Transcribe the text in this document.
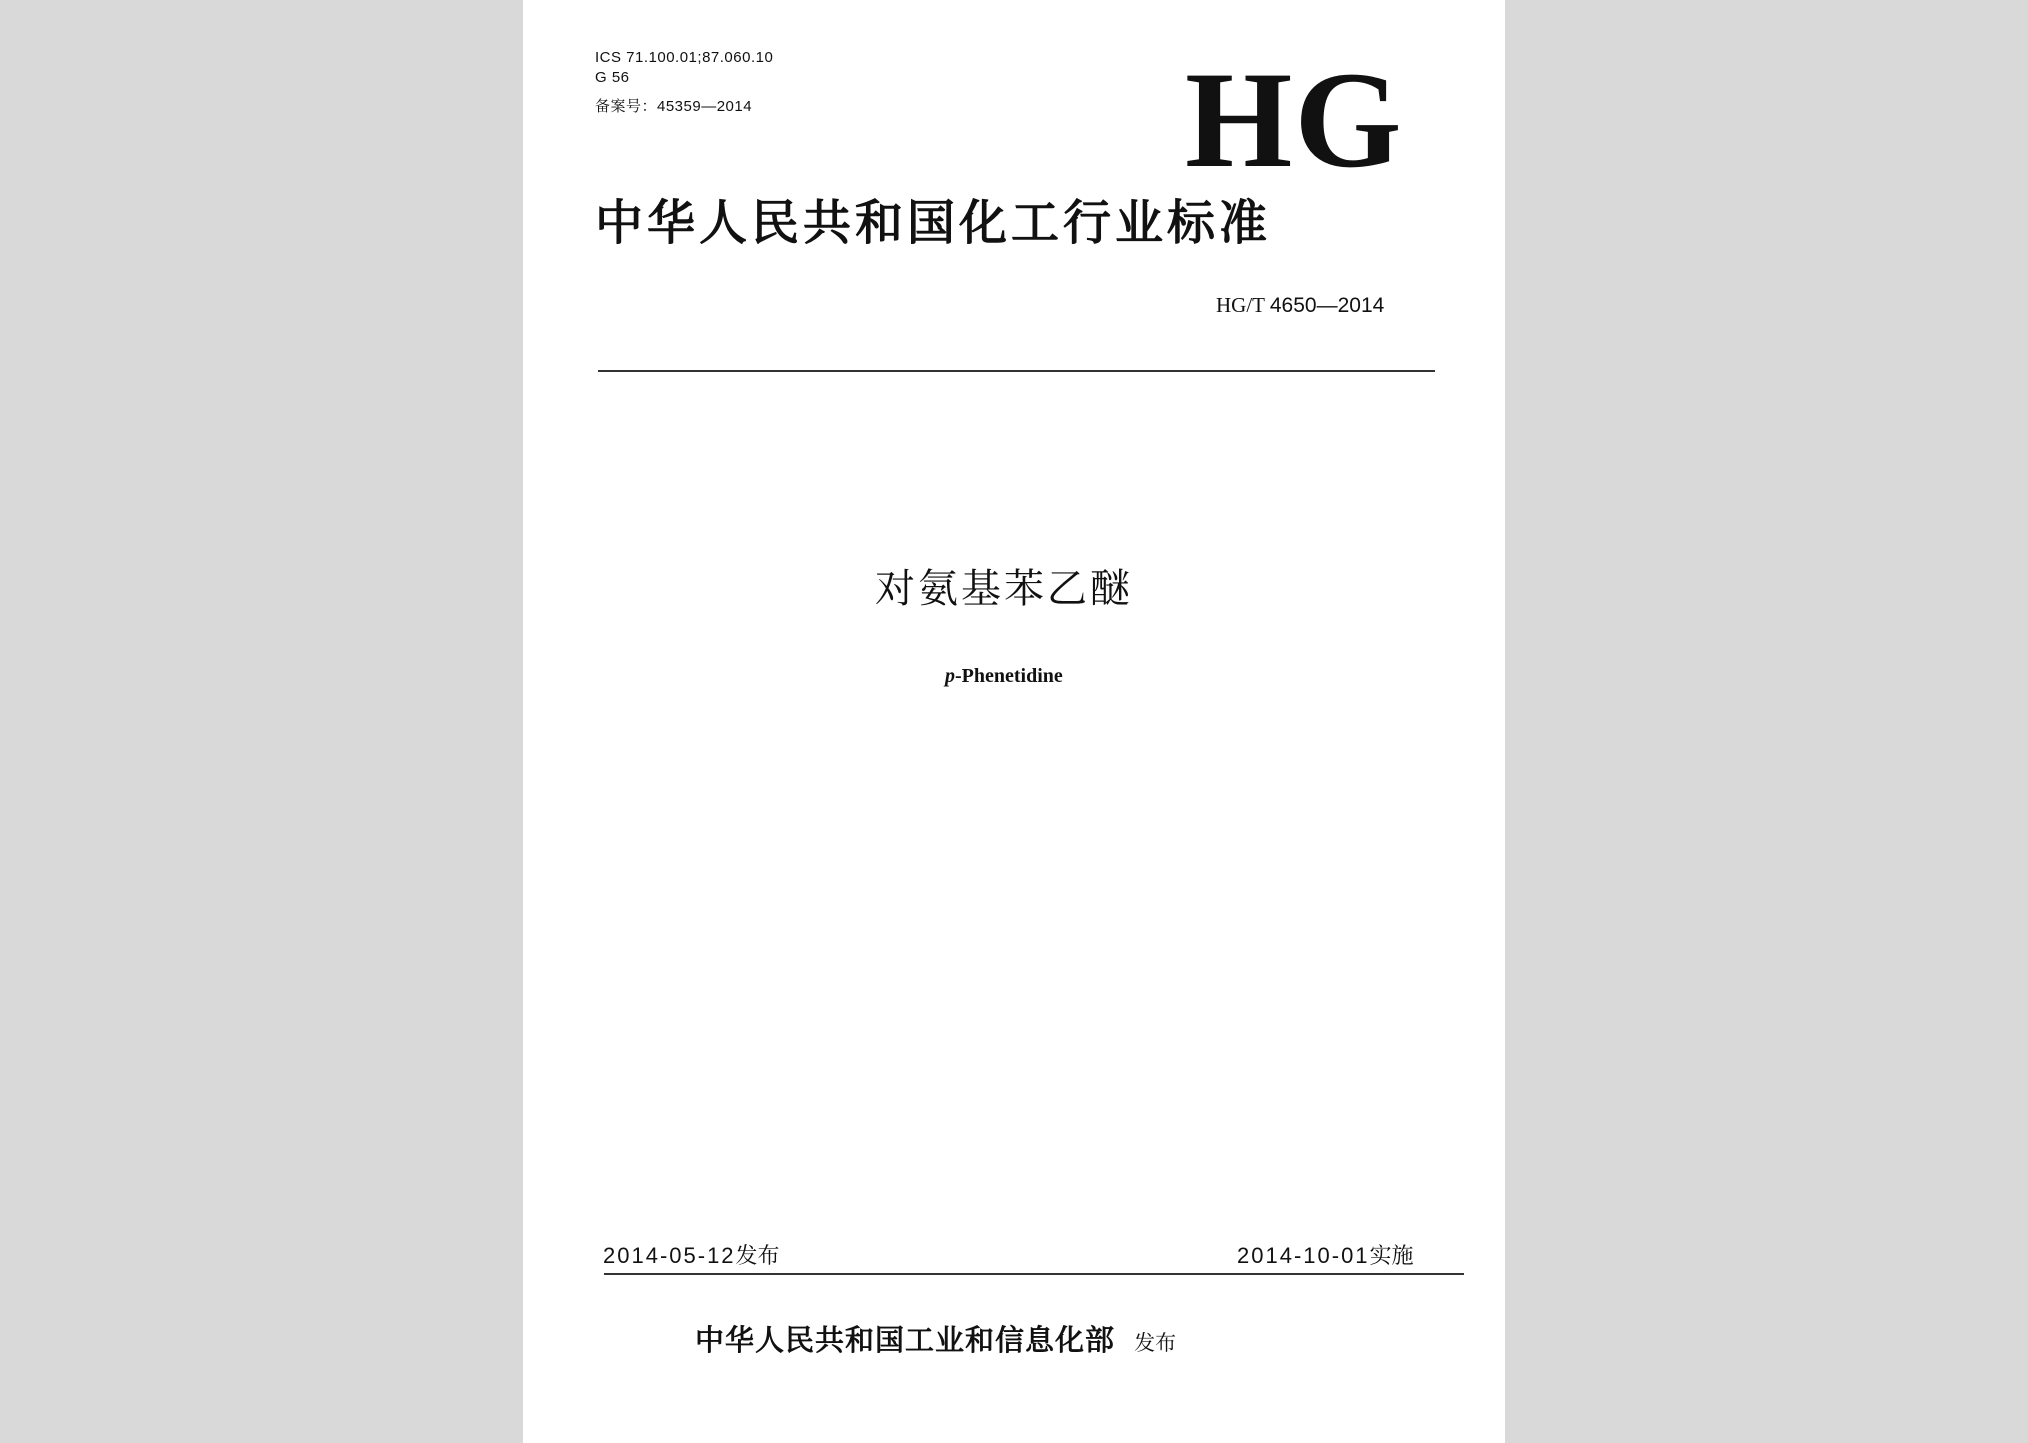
ICS 71.100.01;87.060.10
G 56
备案号：45359—2014	HG
中华人民共和国化工行业标准
HG/T 4650—2014
对氨基苯乙醚
p-Phenetidine
2014-05-12发布	2014-10-01实施
中华人民共和国工业和信息化部 发布
